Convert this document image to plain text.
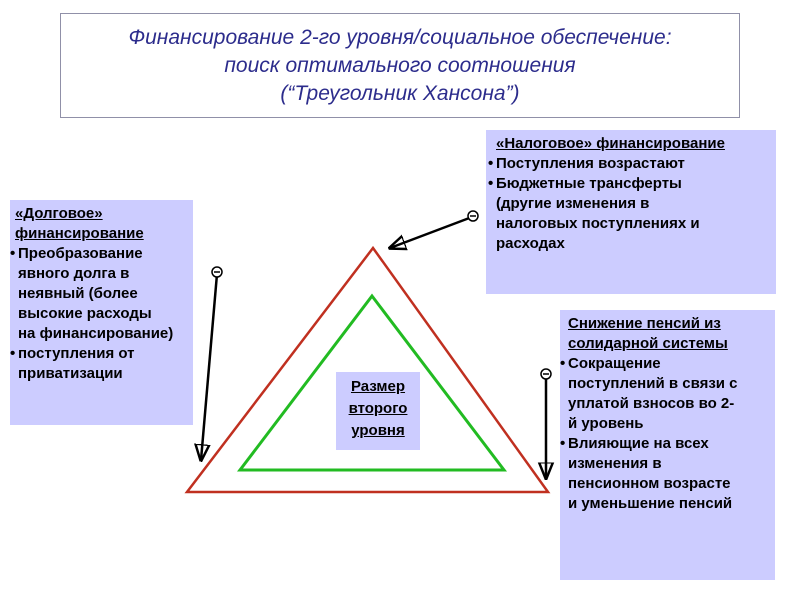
Финансирование 2-го уровня/социальное обеспечение:
поиск оптимального соотношения
(“Треугольник Хансона”)
Размер
второго
уровня
«Налоговое» финансирование
• Поступления возрастают
• Бюджетные трансферты
(другие изменения в
налоговых поступлениях и
расходах
«Долговое»
финансирование
• Преобразование
явного долга в
неявный (более
высокие расходы
на финансирование)
• поступления от
приватизации
Снижение пенсий из
солидарной системы
• Сокращение
поступлений в связи с
уплатой взносов во 2-
й уровень
• Влияющие на всех
изменения в
пенсионном возрасте
и уменьшение пенсий
